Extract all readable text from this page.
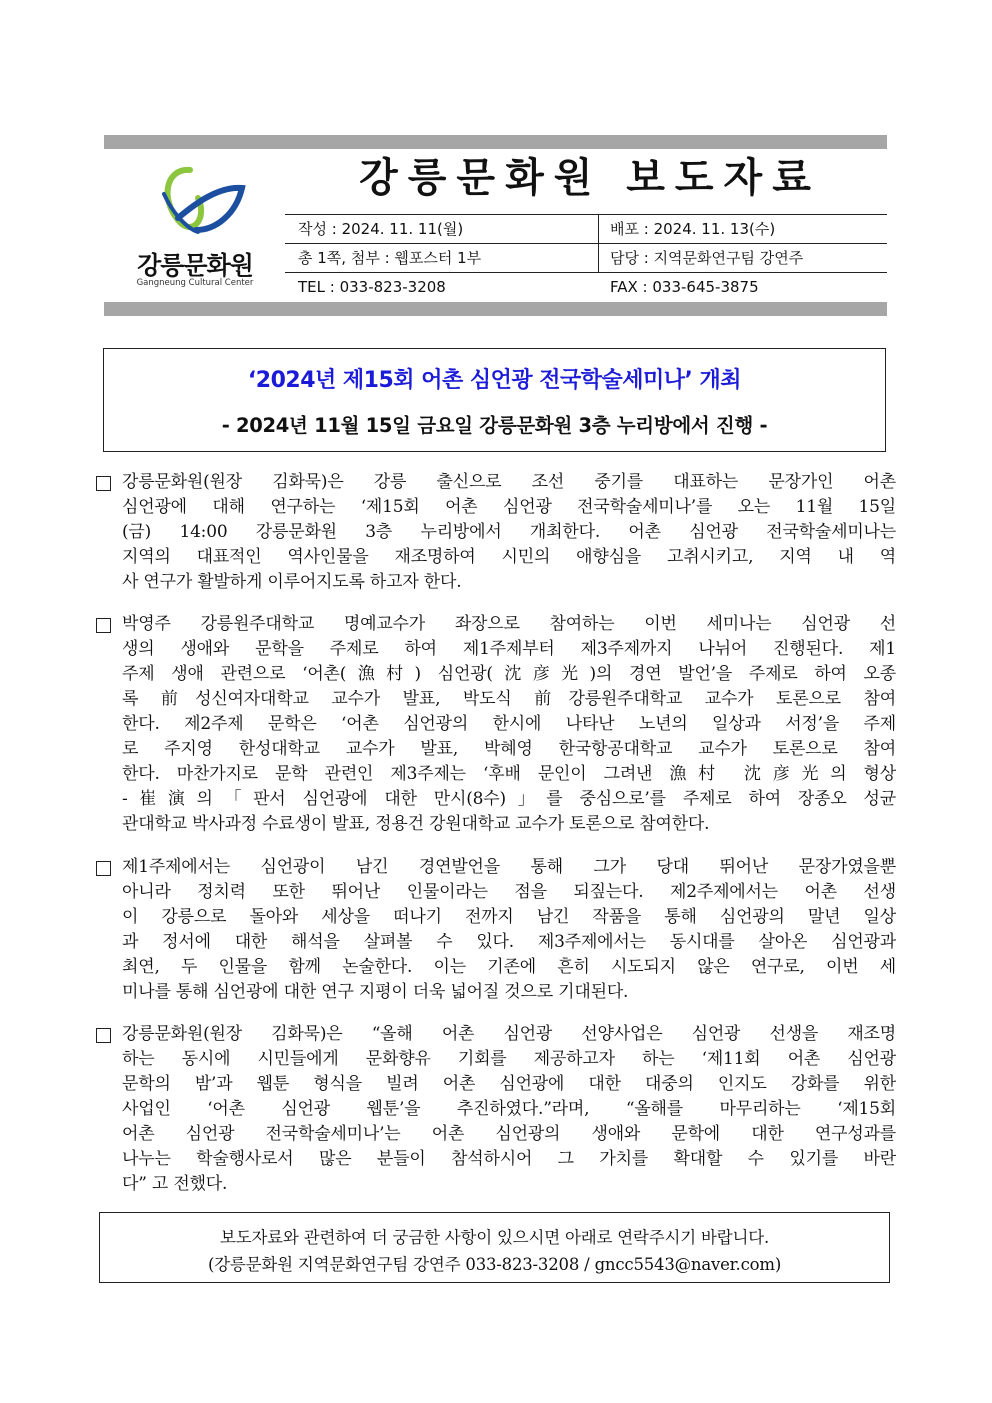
강릉문화원
Gangneung Cultural Center
강릉문화원 보도자료
작성 : 2024. 11. 11(월)	배포 : 2024. 11. 13(수)
총 1쪽, 첨부 : 웹포스터 1부	담당 : 지역문화연구팀 강연주
TEL : 033-823-3208	FAX : 033-645-3875
‘2024년 제15회 어촌 심언광 전국학술세미나’ 개최
- 2024년 11월 15일 금요일 강릉문화원 3층 누리방에서 진행 -
강릉문화원(원장 김화묵)은 강릉 출신으로 조선 중기를 대표하는 문장가인 어촌
심언광에 대해 연구하는 ‘제15회 어촌 심언광 전국학술세미나’를 오는 11월 15일
(금) 14:00 강릉문화원 3층 누리방에서 개최한다. 어촌 심언광 전국학술세미나는
지역의 대표적인 역사인물을 재조명하여 시민의 애향심을 고취시키고, 지역 내 역
사 연구가 활발하게 이루어지도록 하고자 한다.
박영주 강릉원주대학교 명예교수가 좌장으로 참여하는 이번 세미나는 심언광 선
생의 생애와 문학을 주제로 하여 제1주제부터 제3주제까지 나뉘어 진행된다. 제1
주제 생애 관련으로 ‘어촌(漁村) 심언광(沈彦光)의 경연 발언’을 주제로 하여 오종
록 前성신여자대학교 교수가 발표, 박도식 前강릉원주대학교 교수가 토론으로 참여
한다. 제2주제 문학은 ‘어촌 심언광의 한시에 나타난 노년의 일상과 서정’을 주제
로 주지영 한성대학교 교수가 발표, 박혜영 한국항공대학교 교수가 토론으로 참여
한다. 마찬가지로 문학 관련인 제3주제는 ‘후배 문인이 그려낸 漁村 沈彦光의 형상
-崔演의「판서 심언광에 대한 만시(8수)」를 중심으로’를 주제로 하여 장종오 성균
관대학교 박사과정 수료생이 발표, 정용건 강원대학교 교수가 토론으로 참여한다.
제1주제에서는 심언광이 남긴 경연발언을 통해 그가 당대 뛰어난 문장가였을뿐
아니라 정치력 또한 뛰어난 인물이라는 점을 되짚는다. 제2주제에서는 어촌 선생
이 강릉으로 돌아와 세상을 떠나기 전까지 남긴 작품을 통해 심언광의 말년 일상
과 정서에 대한 해석을 살펴볼 수 있다. 제3주제에서는 동시대를 살아온 심언광과
최연, 두 인물을 함께 논술한다. 이는 기존에 흔히 시도되지 않은 연구로, 이번 세
미나를 통해 심언광에 대한 연구 지평이 더욱 넓어질 것으로 기대된다.
강릉문화원(원장 김화묵)은 “올해 어촌 심언광 선양사업은 심언광 선생을 재조명
하는 동시에 시민들에게 문화향유 기회를 제공하고자 하는 ‘제11회 어촌 심언광
문학의 밤’과 웹툰 형식을 빌려 어촌 심언광에 대한 대중의 인지도 강화를 위한
사업인 ‘어촌 심언광 웹툰’을 추진하였다.”라며, “올해를 마무리하는 ‘제15회
어촌 심언광 전국학술세미나’는 어촌 심언광의 생애와 문학에 대한 연구성과를
나누는 학술행사로서 많은 분들이 참석하시어 그 가치를 확대할 수 있기를 바란
다” 고 전했다.
보도자료와 관련하여 더 궁금한 사항이 있으시면 아래로 연락주시기 바랍니다.
(강릉문화원 지역문화연구팀 강연주 033-823-3208 / gncc5543@naver.com)
